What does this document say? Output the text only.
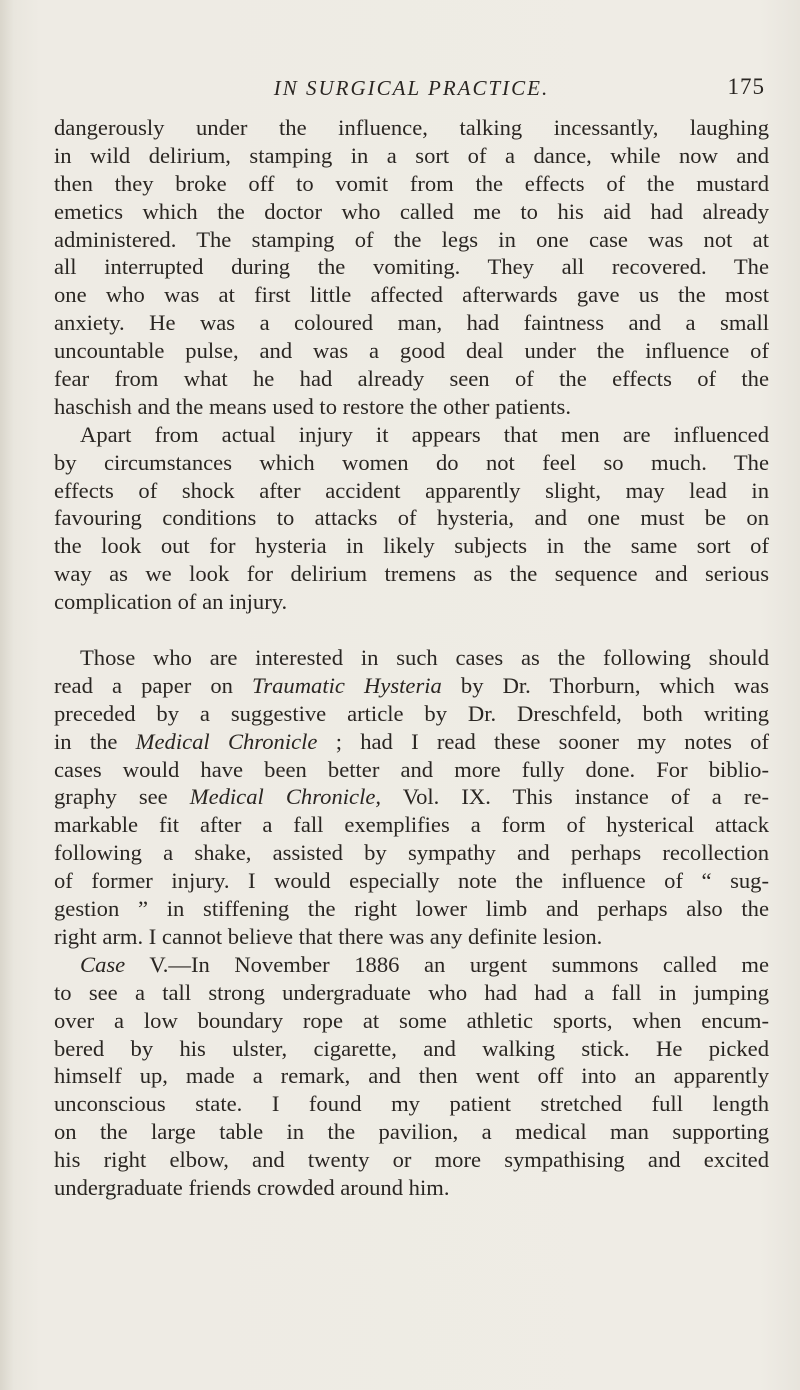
IN SURGICAL PRACTICE.	175
dangerously under the influence, talking incessantly, laughing
in wild delirium, stamping in a sort of a dance, while now and
then they broke off to vomit from the effects of the mustard
emetics which the doctor who called me to his aid had already
administered. The stamping of the legs in one case was not at
all interrupted during the vomiting. They all recovered. The
one who was at first little affected afterwards gave us the most
anxiety. He was a coloured man, had faintness and a small
uncountable pulse, and was a good deal under the influence of
fear from what he had already seen of the effects of the
haschish and the means used to restore the other patients.
Apart from actual injury it appears that men are influenced
by circumstances which women do not feel so much. The
effects of shock after accident apparently slight, may lead in
favouring conditions to attacks of hysteria, and one must be on
the look out for hysteria in likely subjects in the same sort of
way as we look for delirium tremens as the sequence and serious
complication of an injury.
Those who are interested in such cases as the following should
read a paper on Traumatic Hysteria by Dr. Thorburn, which was
preceded by a suggestive article by Dr. Dreschfeld, both writing
in the Medical Chronicle ; had I read these sooner my notes of
cases would have been better and more fully done. For biblio-
graphy see Medical Chronicle, Vol. IX. This instance of a re-
markable fit after a fall exemplifies a form of hysterical attack
following a shake, assisted by sympathy and perhaps recollection
of former injury. I would especially note the influence of “ sug-
gestion ” in stiffening the right lower limb and perhaps also the
right arm. I cannot believe that there was any definite lesion.
Case V.—In November 1886 an urgent summons called me
to see a tall strong undergraduate who had had a fall in jumping
over a low boundary rope at some athletic sports, when encum-
bered by his ulster, cigarette, and walking stick. He picked
himself up, made a remark, and then went off into an apparently
unconscious state. I found my patient stretched full length
on the large table in the pavilion, a medical man supporting
his right elbow, and twenty or more sympathising and excited
undergraduate friends crowded around him.
